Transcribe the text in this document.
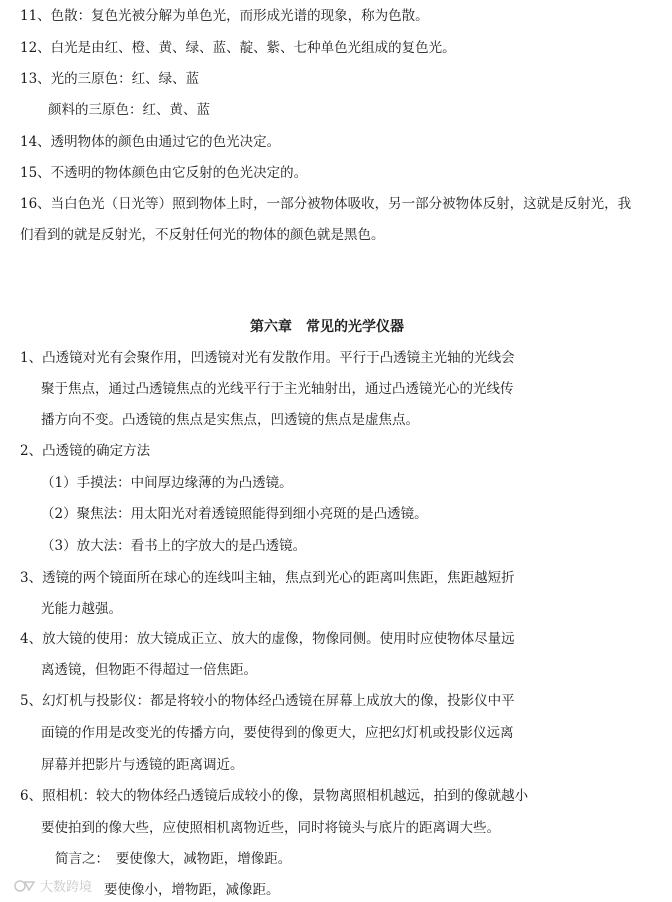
11、色散：复色光被分解为单色光，而形成光谱的现象，称为色散。
12、白光是由红、橙、黄、绿、蓝、靛、紫、七种单色光组成的复色光。
13、光的三原色：红、绿、蓝
颜料的三原色：红、黄、蓝
14、透明物体的颜色由通过它的色光决定。
15、不透明的物体颜色由它反射的色光决定的。
16、当白色光（日光等）照到物体上时，一部分被物体吸收，另一部分被物体反射，这就是反射光，我
们看到的就是反射光，不反射任何光的物体的颜色就是黑色。
第六章　常见的光学仪器
1、凸透镜对光有会聚作用，凹透镜对光有发散作用。平行于凸透镜主光轴的光线会
聚于焦点，通过凸透镜焦点的光线平行于主光轴射出，通过凸透镜光心的光线传
播方向不变。凸透镜的焦点是实焦点，凹透镜的焦点是虚焦点。
2、凸透镜的确定方法
（1）手摸法：中间厚边缘薄的为凸透镜。
（2）聚焦法：用太阳光对着透镜照能得到细小亮斑的是凸透镜。
（3）放大法：看书上的字放大的是凸透镜。
3、透镜的两个镜面所在球心的连线叫主轴，焦点到光心的距离叫焦距，焦距越短折
光能力越强。
4、放大镜的使用：放大镜成正立、放大的虚像，物像同侧。使用时应使物体尽量远
离透镜，但物距不得超过一倍焦距。
5、幻灯机与投影仪：都是将较小的物体经凸透镜在屏幕上成放大的像，投影仪中平
面镜的作用是改变光的传播方向，要使得到的像更大，应把幻灯机或投影仪远离
屏幕并把影片与透镜的距离调近。
6、照相机：较大的物体经凸透镜后成较小的像，景物离照相机越远，拍到的像就越小
要使拍到的像大些，应使照相机离物近些，同时将镜头与底片的距离调大些。
简言之：　要使像大，减物距，增像距。
要使像小，增物距，减像距。
大数跨境
